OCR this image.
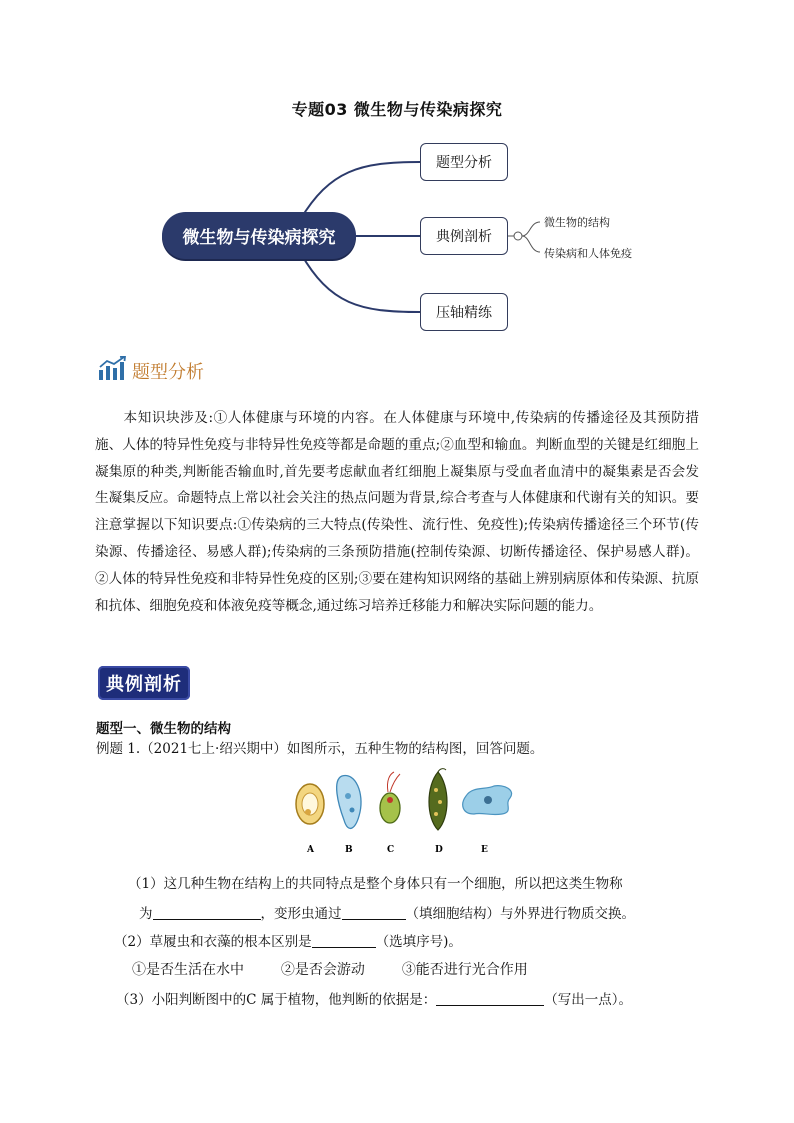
专题03 微生物与传染病探究
微生物与传染病探究
题型分析
典例剖析
压轴精练
微生物的结构
传染病和人体免疫
题型分析

本知识块涉及:①人体健康与环境的内容。在人体健康与环境中,传染病的传播途径及其预防措施、人体的特异性免疫与非特异性免疫等都是命题的重点;②血型和输血。判断血型的关键是红细胞上凝集原的种类,判断能否输血时,首先要考虑献血者红细胞上凝集原与受血者血清中的凝集素是否会发生凝集反应。命题特点上常以社会关注的热点问题为背景,综合考查与人体健康和代谢有关的知识。要注意掌握以下知识要点:①传染病的三大特点(传染性、流行性、免疫性);传染病传播途径三个环节(传染源、传播途径、易感人群);传染病的三条预防措施(控制传染源、切断传播途径、保护易感人群)。②人体的特异性免疫和非特异性免疫的区别;③要在建构知识网络的基础上辨别病原体和传染源、抗原和抗体、细胞免疫和体液免疫等概念,通过练习培养迁移能力和解决实际问题的能力。

典例剖析
题型一、微生物的结构
例题 1.（2021七上·绍兴期中）如图所示，五种生物的结构图，回答问题。
A	B	C	D	E
（1）这几种生物在结构上的共同特点是整个身体只有一个细胞，所以把这类生物称
为	，变形虫通过	（填细胞结构）与外界进行物质交换。
（2）草履虫和衣藻的根本区别是	（选填序号)。
①是否生活在水中	②是否会游动	③能否进行光合作用
（3）小阳判断图中的C 属于植物，他判断的依据是：	（写出一点）。
